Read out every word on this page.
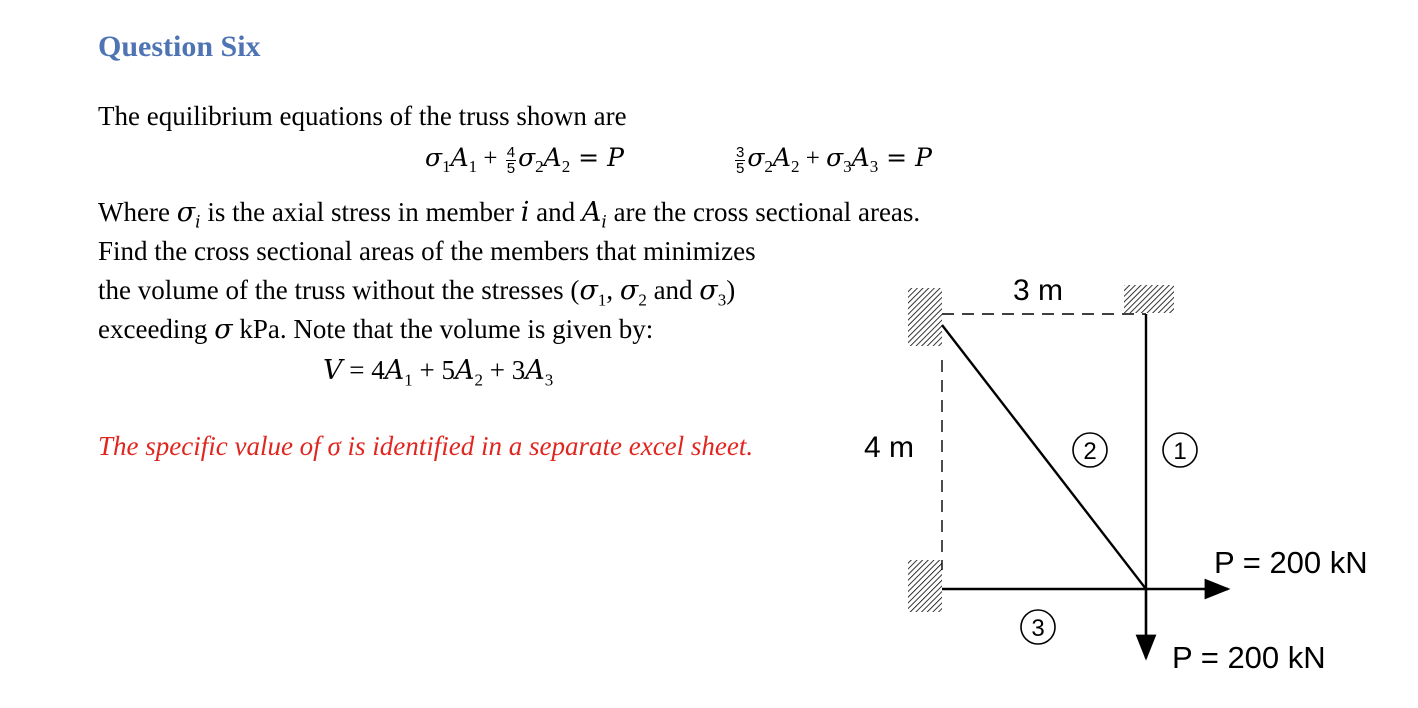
Question Six
The equilibrium equations of the truss shown are
$\sigma_1A_1 + \frac{4}{5} \sigma_2A_2 = P$	$\frac{3}{5} \sigma_2A_2 + \sigma_3A_3 = P$
Where $\sigma_i$ is the axial stress in member i and $A_i$ are the cross sectional areas.
Find the cross sectional areas of the members that minimizes
the volume of the truss without the stresses ($\sigma_1$, $\sigma_2$ and $\sigma_3$)
exceeding σ kPa. Note that the volume is given by:
$V = 4A_1 + 5A_2 + 3A_3$
The specific value of σ is identified in a separate excel sheet.
3 m
4 m	2	1
3
P = 200 kN
P = 200 kN
